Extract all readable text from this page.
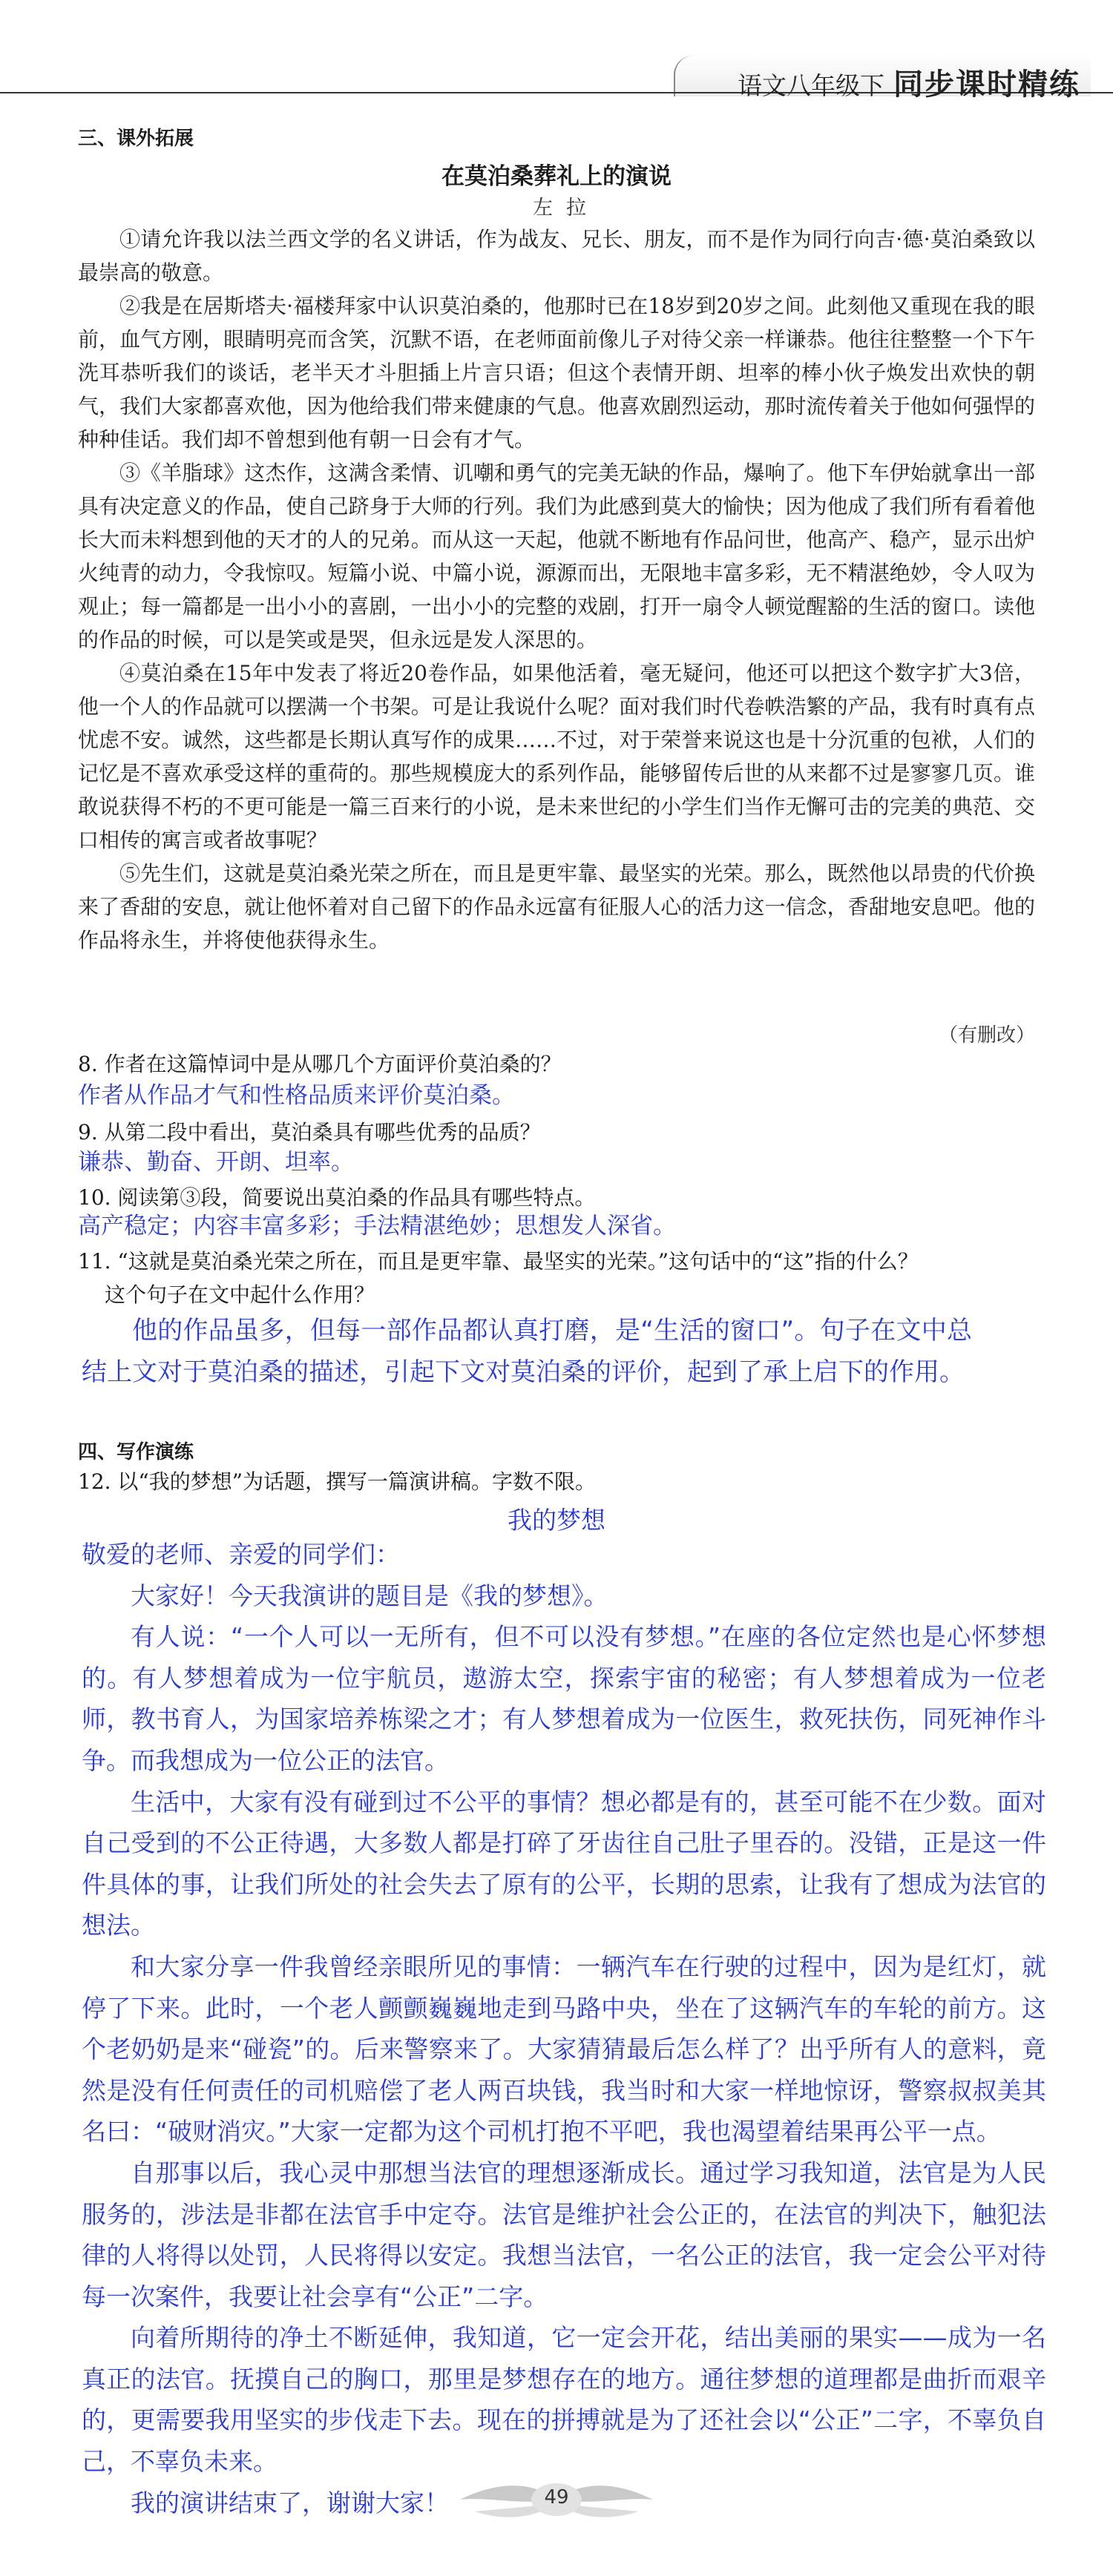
语文八年级下 同步课时精练
三、课外拓展
在莫泊桑葬礼上的演说
左拉

①请允许我以法兰西文学的名义讲话，作为战友、兄长、朋友，而不是作为同行向吉·德·莫泊桑致以最崇高的敬意。

②我是在居斯塔夫·福楼拜家中认识莫泊桑的，他那时已在18岁到20岁之间。此刻他又重现在我的眼前，血气方刚，眼睛明亮而含笑，沉默不语，在老师面前像儿子对待父亲一样谦恭。他往往整整一个下午洗耳恭听我们的谈话，老半天才斗胆插上片言只语；但这个表情开朗、坦率的棒小伙子焕发出欢快的朝气，我们大家都喜欢他，因为他给我们带来健康的气息。他喜欢剧烈运动，那时流传着关于他如何强悍的种种佳话。我们却不曾想到他有朝一日会有才气。

③《羊脂球》这杰作，这满含柔情、讥嘲和勇气的完美无缺的作品，爆响了。他下车伊始就拿出一部具有决定意义的作品，使自己跻身于大师的行列。我们为此感到莫大的愉快；因为他成了我们所有看着他长大而未料想到他的天才的人的兄弟。而从这一天起，他就不断地有作品问世，他高产、稳产，显示出炉火纯青的动力，令我惊叹。短篇小说、中篇小说，源源而出，无限地丰富多彩，无不精湛绝妙，令人叹为观止；每一篇都是一出小小的喜剧，一出小小的完整的戏剧，打开一扇令人顿觉醒豁的生活的窗口。读他的作品的时候，可以是笑或是哭，但永远是发人深思的。

④莫泊桑在15年中发表了将近20卷作品，如果他活着，毫无疑问，他还可以把这个数字扩大3倍，他一个人的作品就可以摆满一个书架。可是让我说什么呢？面对我们时代卷帙浩繁的产品，我有时真有点忧虑不安。诚然，这些都是长期认真写作的成果……不过，对于荣誉来说这也是十分沉重的包袱，人们的记忆是不喜欢承受这样的重荷的。那些规模庞大的系列作品，能够留传后世的从来都不过是寥寥几页。谁敢说获得不朽的不更可能是一篇三百来行的小说，是未来世纪的小学生们当作无懈可击的完美的典范、交口相传的寓言或者故事呢？

⑤先生们，这就是莫泊桑光荣之所在，而且是更牢靠、最坚实的光荣。那么，既然他以昂贵的代价换来了香甜的安息，就让他怀着对自己留下的作品永远富有征服人心的活力这一信念，香甜地安息吧。他的作品将永生，并将使他获得永生。

（有删改）
8. 作者在这篇悼词中是从哪几个方面评价莫泊桑的？
作者从作品才气和性格品质来评价莫泊桑。
9. 从第二段中看出，莫泊桑具有哪些优秀的品质？
谦恭、勤奋、开朗、坦率。
10. 阅读第③段，简要说出莫泊桑的作品具有哪些特点。
高产稳定；内容丰富多彩；手法精湛绝妙；思想发人深省。
11. “这就是莫泊桑光荣之所在，而且是更牢靠、最坚实的光荣。”这句话中的“这”指的什么？
这个句子在文中起什么作用？

他的作品虽多，但每一部作品都认真打磨，是“生活的窗口”。句子在文中总结上文对于莫泊桑的描述，引起下文对莫泊桑的评价，起到了承上启下的作用。

四、写作演练
12. 以“我的梦想”为话题，撰写一篇演讲稿。字数不限。
我的梦想

敬爱的老师、亲爱的同学们：

大家好！今天我演讲的题目是《我的梦想》。

有人说：“一个人可以一无所有，但不可以没有梦想。”在座的各位定然也是心怀梦想的。有人梦想着成为一位宇航员，遨游太空，探索宇宙的秘密；有人梦想着成为一位老师，教书育人，为国家培养栋梁之才；有人梦想着成为一位医生，救死扶伤，同死神作斗争。而我想成为一位公正的法官。

生活中，大家有没有碰到过不公平的事情？想必都是有的，甚至可能不在少数。面对自己受到的不公正待遇，大多数人都是打碎了牙齿往自己肚子里吞的。没错，正是这一件件具体的事，让我们所处的社会失去了原有的公平，长期的思索，让我有了想成为法官的想法。

和大家分享一件我曾经亲眼所见的事情：一辆汽车在行驶的过程中，因为是红灯，就停了下来。此时，一个老人颤颤巍巍地走到马路中央，坐在了这辆汽车的车轮的前方。这个老奶奶是来“碰瓷”的。后来警察来了。大家猜猜最后怎么样了？出乎所有人的意料，竟然是没有任何责任的司机赔偿了老人两百块钱，我当时和大家一样地惊讶，警察叔叔美其名曰：“破财消灾。”大家一定都为这个司机打抱不平吧，我也渴望着结果再公平一点。

自那事以后，我心灵中那想当法官的理想逐渐成长。通过学习我知道，法官是为人民服务的，涉法是非都在法官手中定夺。法官是维护社会公正的，在法官的判决下，触犯法律的人将得以处罚，人民将得以安定。我想当法官，一名公正的法官，我一定会公平对待每一次案件，我要让社会享有“公正”二字。

向着所期待的净土不断延伸，我知道，它一定会开花，结出美丽的果实——成为一名真正的法官。抚摸自己的胸口，那里是梦想存在的地方。通往梦想的道理都是曲折而艰辛的，更需要我用坚实的步伐走下去。现在的拼搏就是为了还社会以“公正”二字，不辜负自己，不辜负未来。

我的演讲结束了，谢谢大家！	49
